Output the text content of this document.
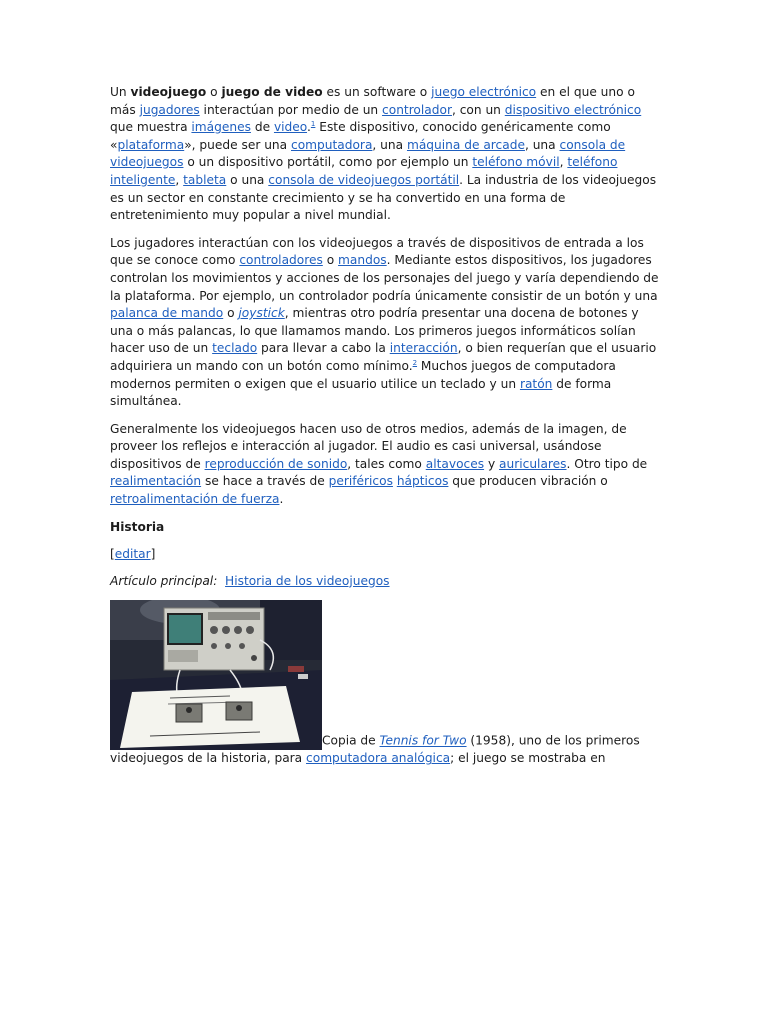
Un videojuego o juego de video es un software o juego electrónico en el que uno o más jugadores interactúan por medio de un controlador, con un dispositivo electrónico que muestra imágenes de video.$^1$ Este dispositivo, conocido genéricamente como «plataforma», puede ser una computadora, una máquina de arcade, una consola de videojuegos o un dispositivo portátil, como por ejemplo un teléfono móvil, teléfono inteligente, tableta o una consola de videojuegos portátil. La industria de los videojuegos es un sector en constante crecimiento y se ha convertido en una forma de entretenimiento muy popular a nivel mundial.

Los jugadores interactúan con los videojuegos a través de dispositivos de entrada a los que se conoce como controladores o mandos. Mediante estos dispositivos, los jugadores controlan los movimientos y acciones de los personajes del juego y varía dependiendo de la plataforma. Por ejemplo, un controlador podría únicamente consistir de un botón y una palanca de mando o joystick, mientras otro podría presentar una docena de botones y una o más palancas, lo que llamamos mando. Los primeros juegos informáticos solían hacer uso de un teclado para llevar a cabo la interacción, o bien requerían que el usuario adquiriera un mando con un botón como mínimo.$^2$ Muchos juegos de computadora modernos permiten o exigen que el usuario utilice un teclado y un ratón de forma simultánea.

Generalmente los videojuegos hacen uso de otros medios, además de la imagen, de proveer los reflejos e interacción al jugador. El audio es casi universal, usándose dispositivos de reproducción de sonido, tales como altavoces y auriculares. Otro tipo de realimentación se hace a través de periféricos hápticos que producen vibración o retroalimentación de fuerza.

Historia

[editar]

Artículo principal: Historia de los videojuegos

Copia de Tennis for Two (1958), uno de los primeros videojuegos de la historia, para computadora analógica; el juego se mostraba en
